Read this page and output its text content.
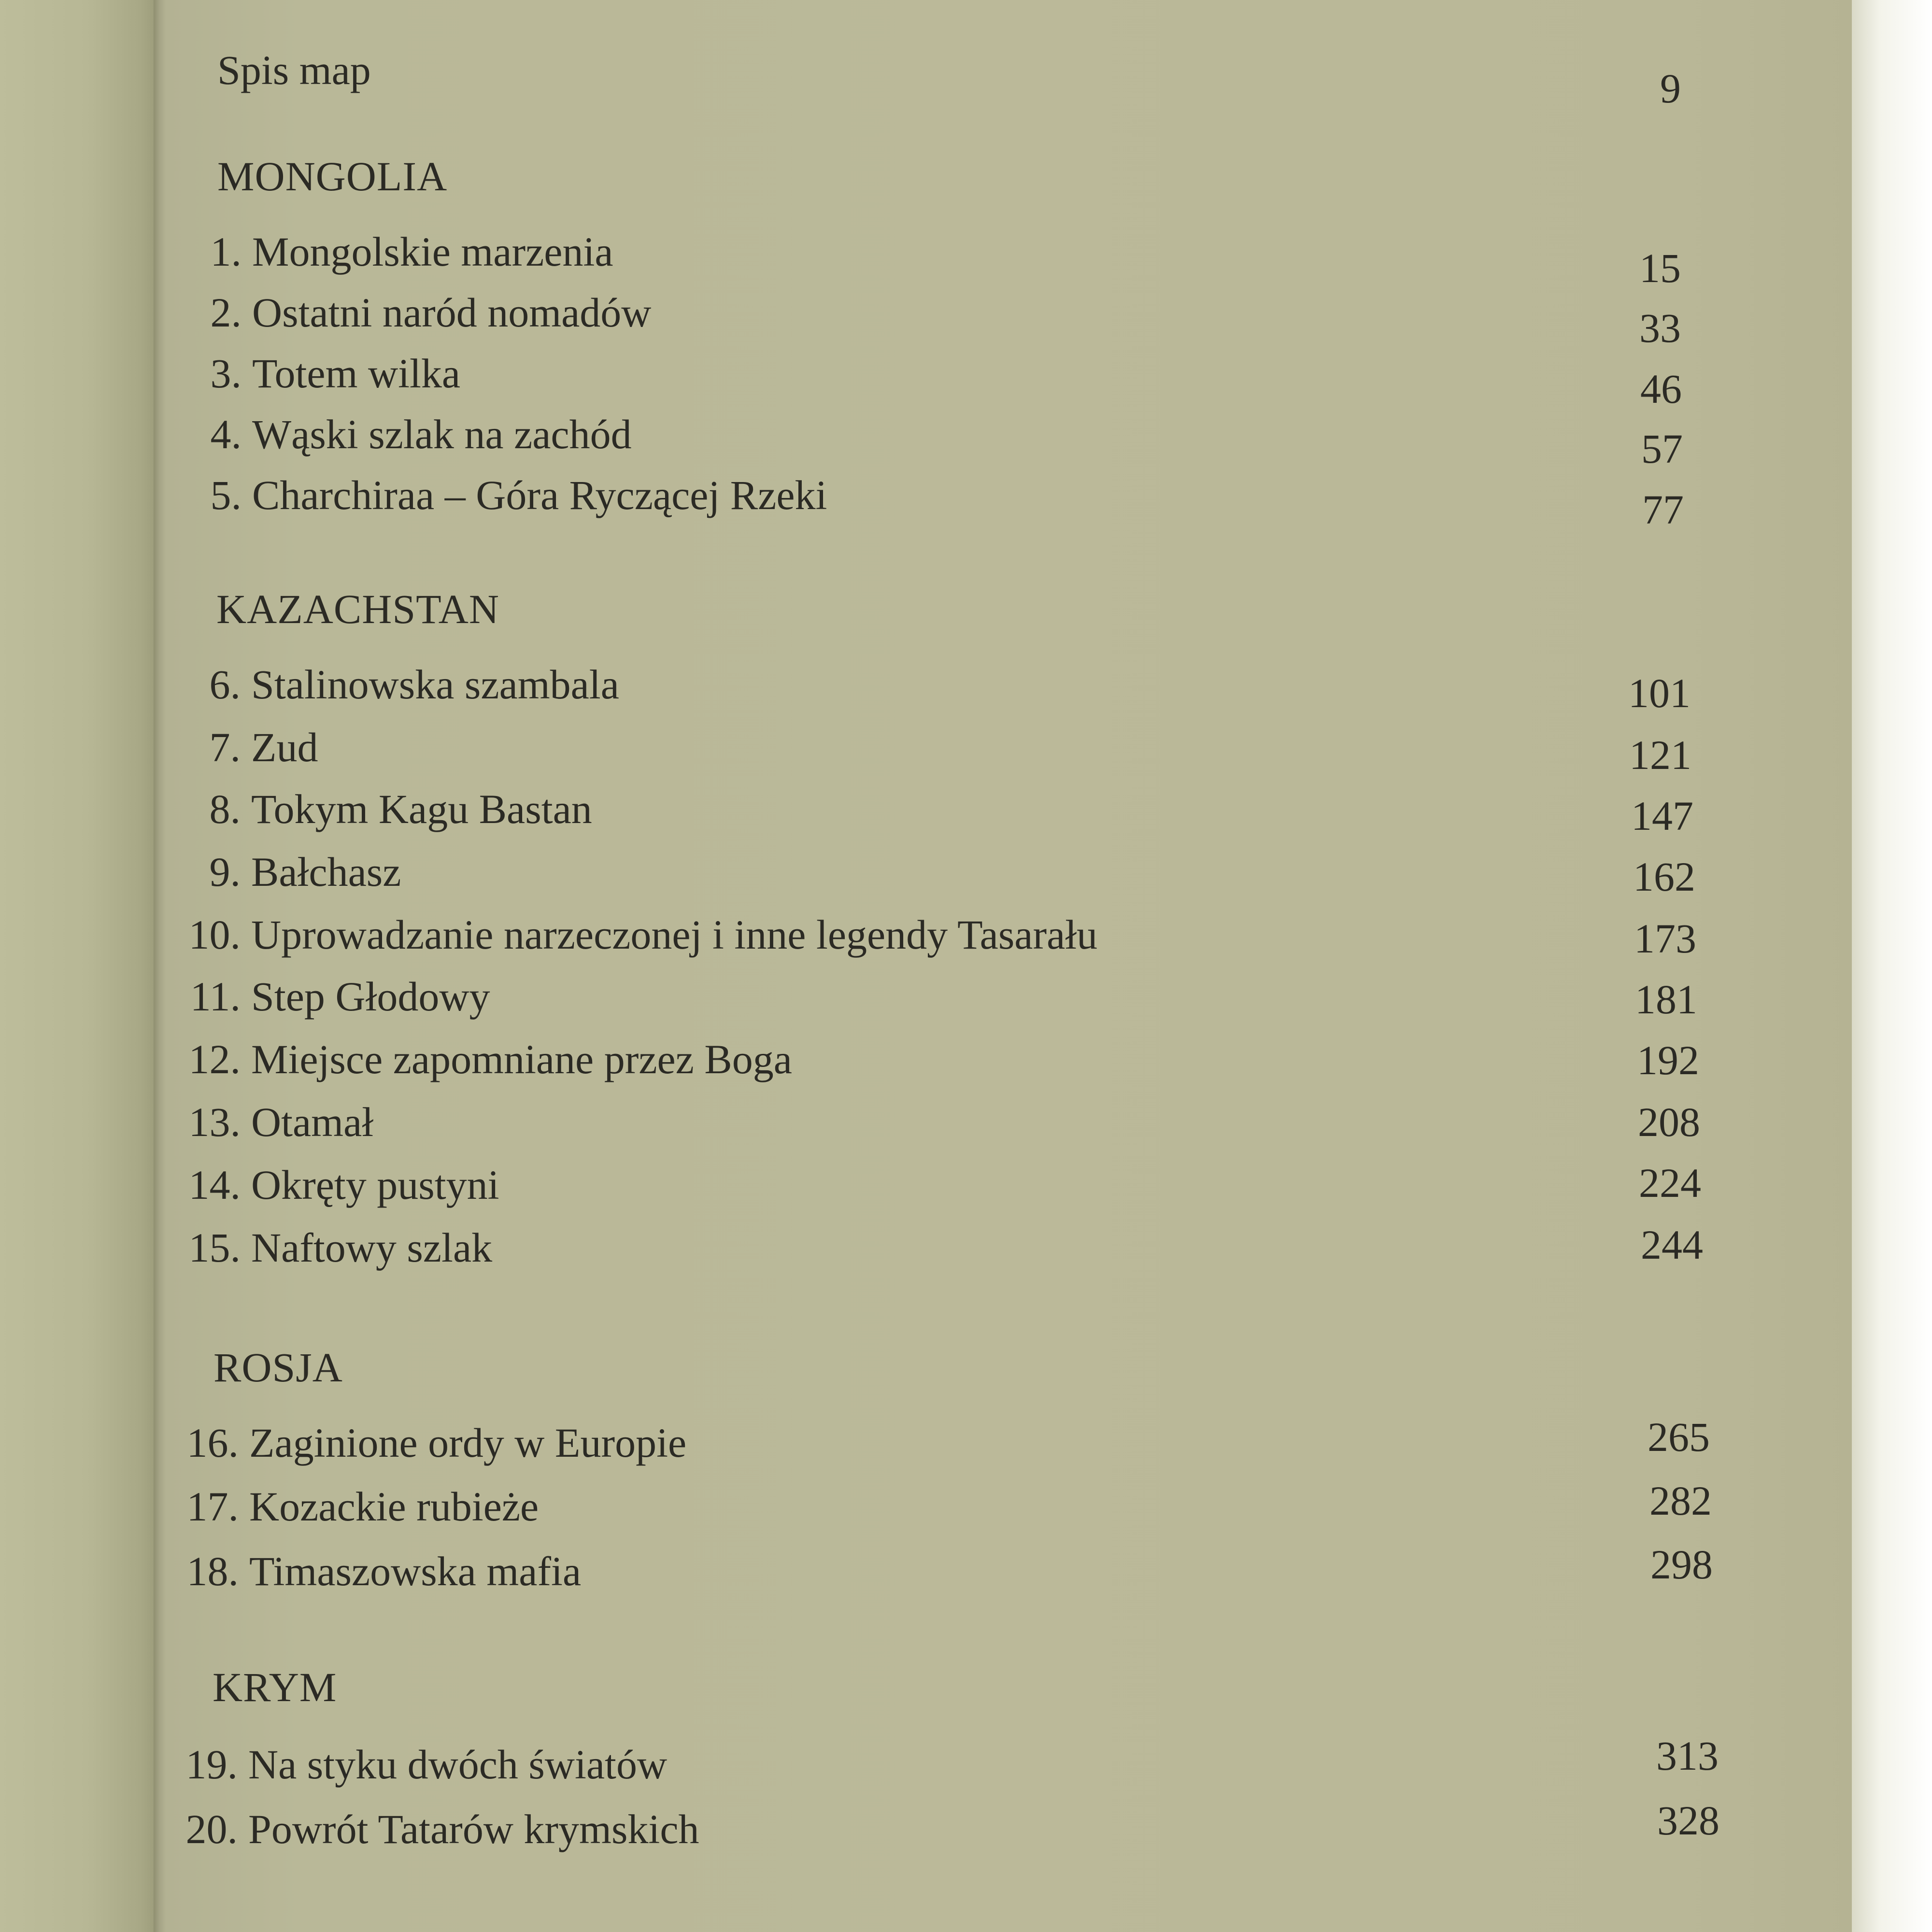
Spis map	9
MONGOLIA
1. Mongolskie marzenia	15
2. Ostatni naród nomadów	33
3. Totem wilka	46
4. Wąski szlak na zachód	57
5. Charchiraa – Góra Ryczącej Rzeki	77
KAZACHSTAN
6. Stalinowska szambala	101
7. Zud	121
8. Tokym Kagu Bastan	147
9. Bałchasz	162
10. Uprowadzanie narzeczonej i inne legendy Tasarału	173
11. Step Głodowy	181
12. Miejsce zapomniane przez Boga	192
13. Otamał	208
14. Okręty pustyni	224
15. Naftowy szlak	244
ROSJA
16. Zaginione ordy w Europie	265
17. Kozackie rubieże	282
18. Timaszowska mafia	298
KRYM
19. Na styku dwóch światów	313
20. Powrót Tatarów krymskich	328
